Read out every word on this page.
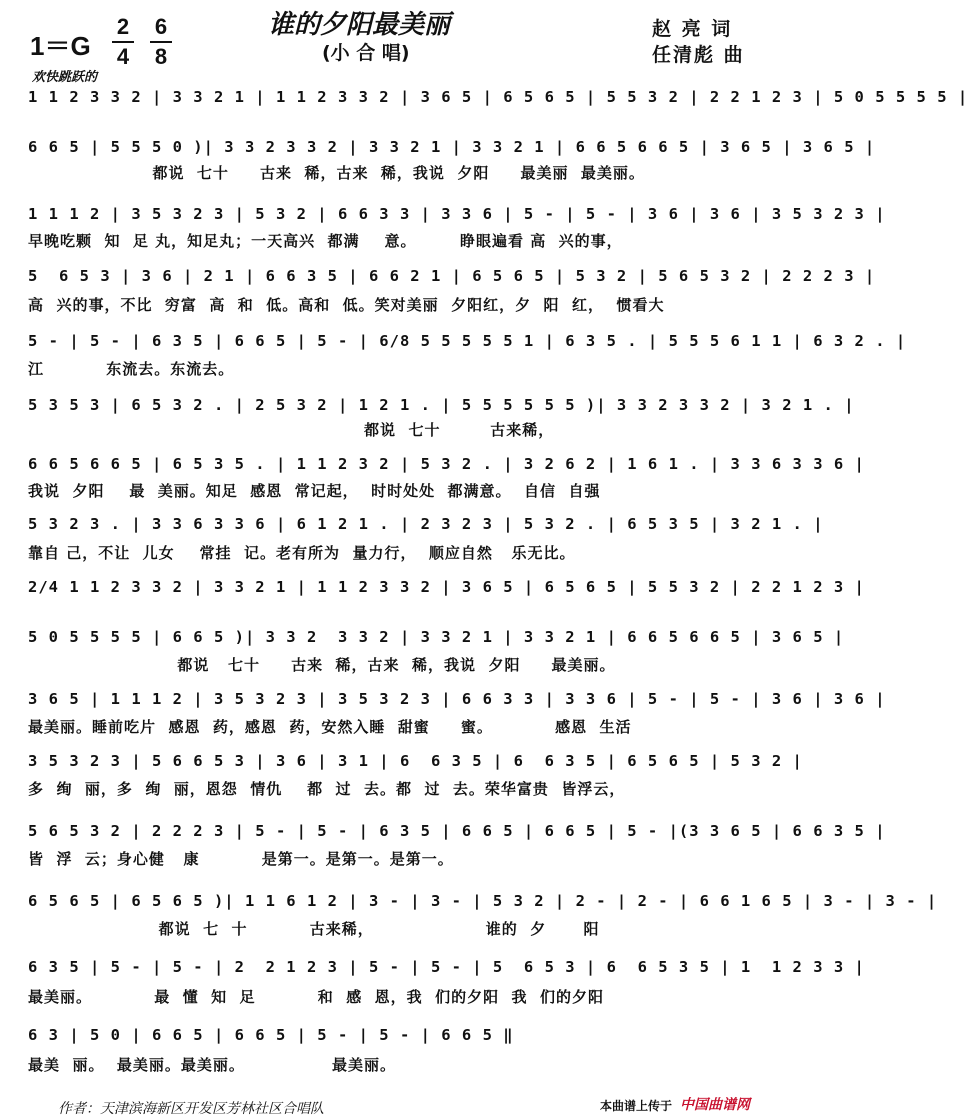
1＝G
2
4
6
8
谁的夕阳最美丽
(小 合 唱)
赵 亮 词
任清彪 曲
欢快跳跃的
1 1 2 3 3 2 | 3 3 2 1 | 1 1 2 3 3 2 | 3 6 5 | 6 5 6 5 | 5 5 3 2 | 2 2 1 2 3 | 5 0 5 5 5 5 |
6 6 5 | 5 5 5 0 )| 3 3 2 3 3 2 | 3 3 2 1 | 3 3 2 1 | 6 6 5 6 6 5 | 3 6 5 | 3 6 5 |
都说  七十     古来  稀，古来  稀，我说  夕阳     最美丽  最美丽。
1 1 1 2 | 3 5 3 2 3 | 5 3 2 | 6 6 3 3 | 3 3 6 | 5 - | 5 - | 3 6 | 3 6 | 3 5 3 2 3 |
早晚吃颗  知  足 丸，知足丸；一天高兴  都满    意。       睁眼遍看 高  兴的事，
5  6 5 3 | 3 6 | 2 1 | 6 6 3 5 | 6 6 2 1 | 6 5 6 5 | 5 3 2 | 5 6 5 3 2 | 2 2 2 3 |
高  兴的事，不比  穷富  高  和  低。高和  低。笑对美丽  夕阳红，夕  阳  红，  惯看大
5 - | 5 - | 6 3 5 | 6 6 5 | 5 - | 6/8 5 5 5 5 5 1 | 6 3 5 . | 5 5 5 6 1 1 | 6 3 2 . |
江          东流去。东流去。
5 3 5 3 | 6 5 3 2 . | 2 5 3 2 | 1 2 1 . | 5 5 5 5 5 5 )| 3 3 2 3 3 2 | 3 2 1 . |
都说  七十        古来稀，
6 6 5 6 6 5 | 6 5 3 5 . | 1 1 2 3 2 | 5 3 2 . | 3 2 6 2 | 1 6 1 . | 3 3 6 3 3 6 |
我说  夕阳    最  美丽。知足  感恩  常记起，  时时处处  都满意。  自信  自强
5 3 2 3 . | 3 3 6 3 3 6 | 6 1 2 1 . | 2 3 2 3 | 5 3 2 . | 6 5 3 5 | 3 2 1 . |
靠自 己，不让  儿女    常挂  记。老有所为  量力行，  顺应自然   乐无比。
2/4 1 1 2 3 3 2 | 3 3 2 1 | 1 1 2 3 3 2 | 3 6 5 | 6 5 6 5 | 5 5 3 2 | 2 2 1 2 3 |
5 0 5 5 5 5 | 6 6 5 )| 3 3 2  3 3 2 | 3 3 2 1 | 3 3 2 1 | 6 6 5 6 6 5 | 3 6 5 |
都说   七十     古来  稀，古来  稀，我说  夕阳     最美丽。
3 6 5 | 1 1 1 2 | 3 5 3 2 3 | 3 5 3 2 3 | 6 6 3 3 | 3 3 6 | 5 - | 5 - | 3 6 | 3 6 |
最美丽。睡前吃片  感恩  药，感恩  药，安然入睡  甜蜜     蜜。          感恩  生活
3 5 3 2 3 | 5 6 6 5 3 | 3 6 | 3 1 | 6  6 3 5 | 6  6 3 5 | 6 5 6 5 | 5 3 2 |
多  绚  丽，多  绚  丽，恩怨  情仇    都  过  去。都  过  去。荣华富贵  皆浮云，
5 6 5 3 2 | 2 2 2 3 | 5 - | 5 - | 6 3 5 | 6 6 5 | 6 6 5 | 5 - |(3 3 6 5 | 6 6 3 5 |
皆  浮  云；身心健   康          是第一。是第一。是第一。
6 5 6 5 | 6 5 6 5 )| 1 1 6 1 2 | 3 - | 3 - | 5 3 2 | 2 - | 2 - | 6 6 1 6 5 | 3 - | 3 - |
都说  七  十          古来稀，                  谁的  夕      阳
6 3 5 | 5 - | 5 - | 2  2 1 2 3 | 5 - | 5 - | 5  6 5 3 | 6  6 5 3 5 | 1  1 2 3 3 |
最美丽。          最  懂  知  足          和  感  恩，我  们的夕阳  我  们的夕阳
6 3 | 5 0 | 6 6 5 | 6 6 5 | 5 - | 5 - | 6 6 5 ‖
最美  丽。  最美丽。最美丽。              最美丽。
作者：天津滨海新区开发区芳林社区合唱队	本曲谱上传于 中国曲谱网
